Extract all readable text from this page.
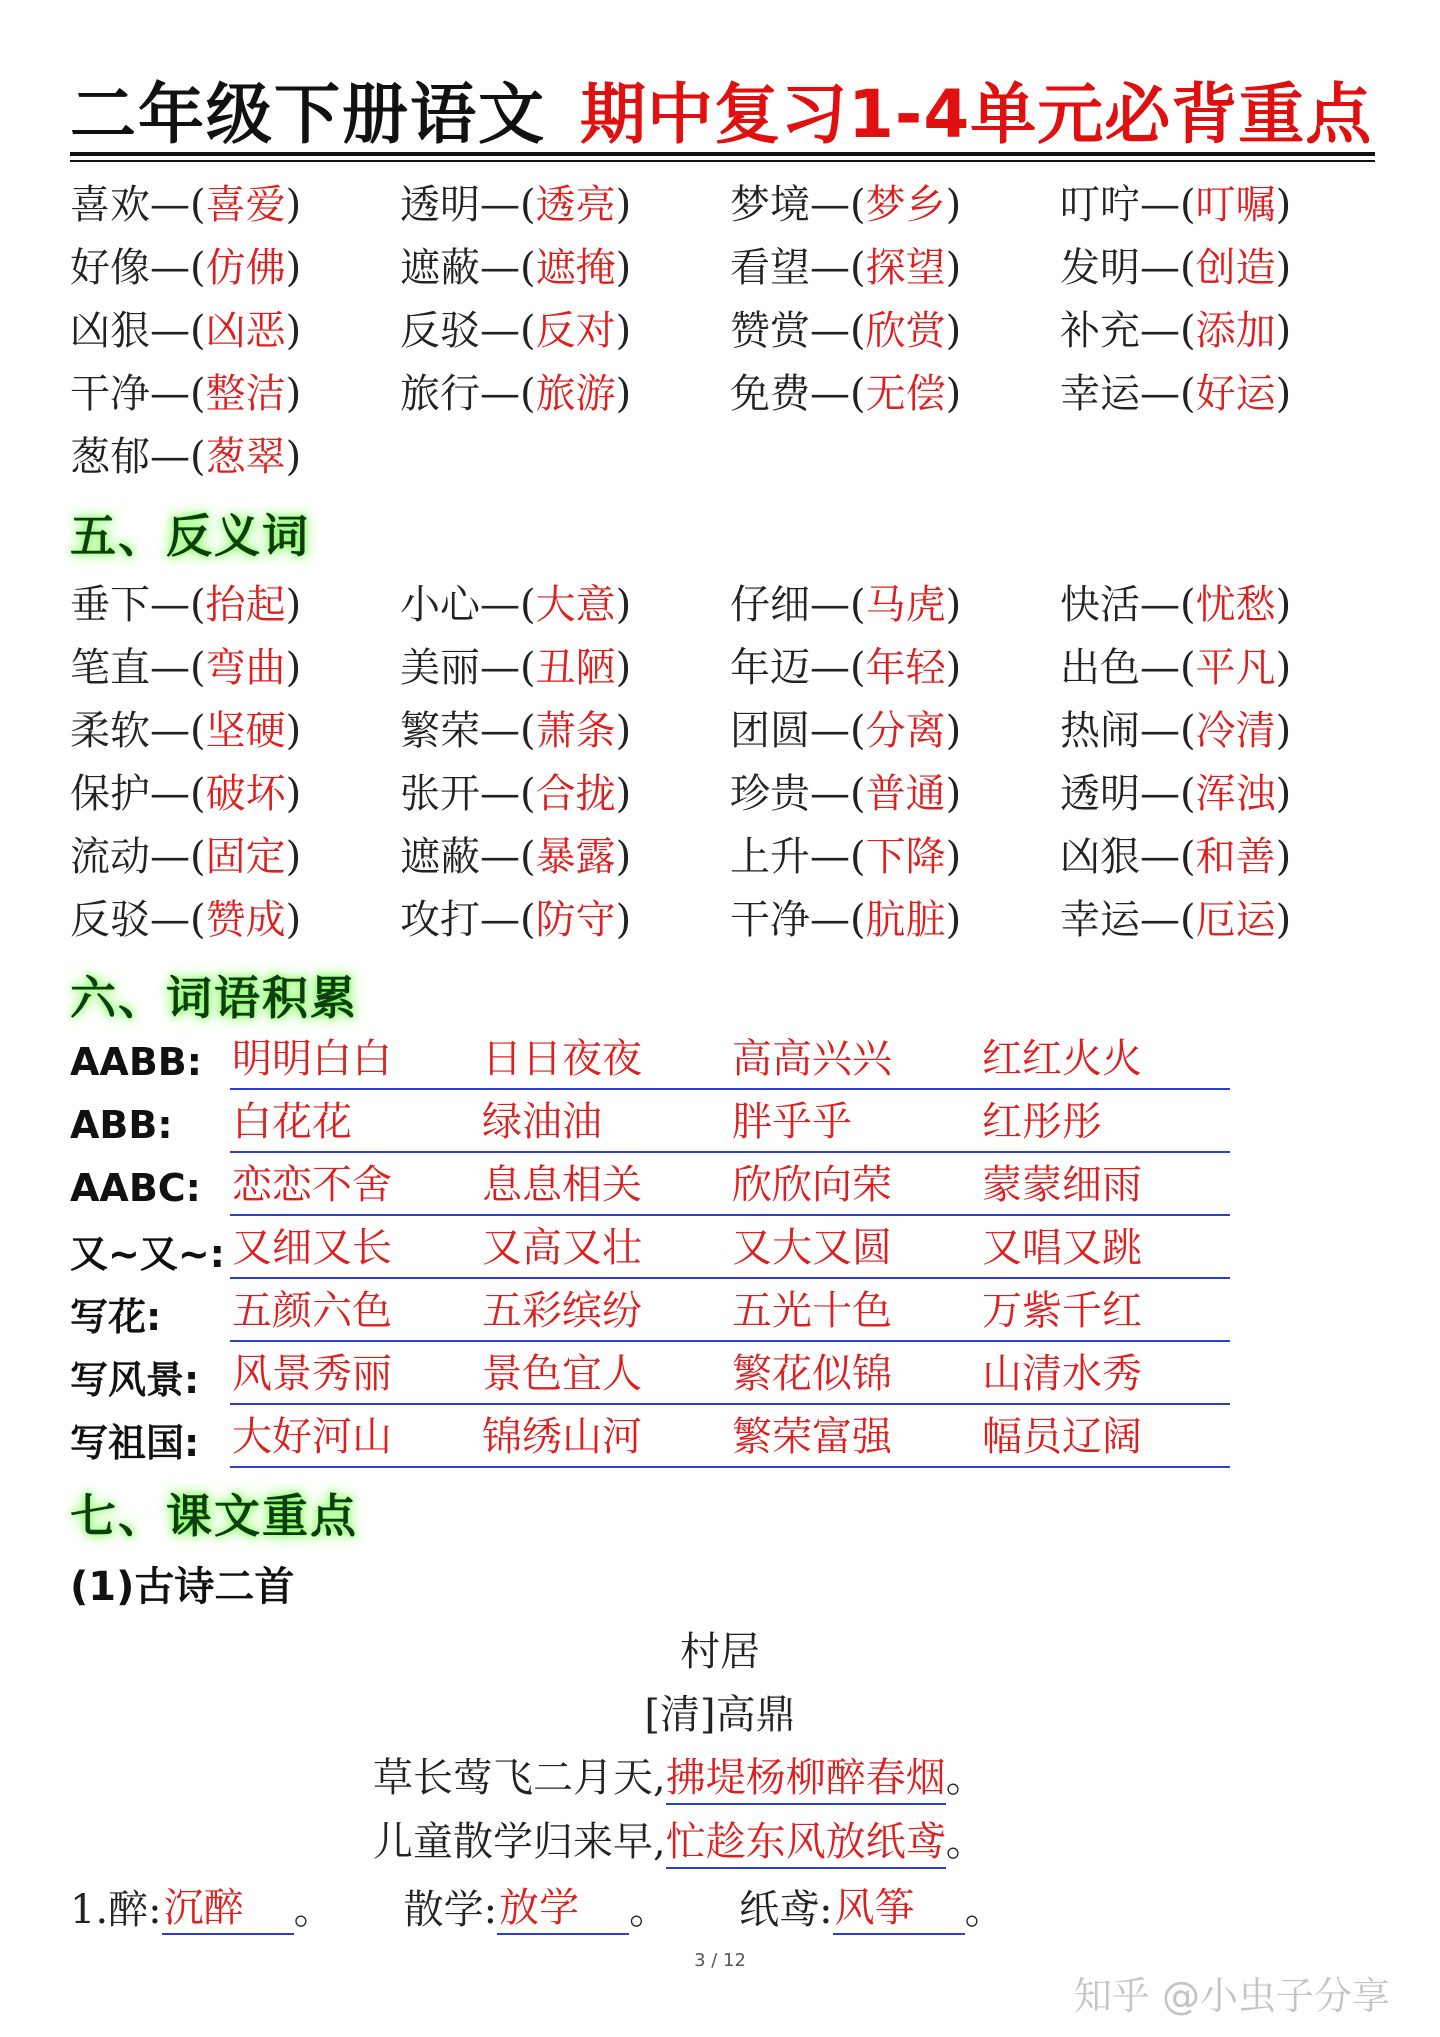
二年级下册语文 期中复习1-4单元必背重点
喜欢—(喜爱)	透明—(透亮)	梦境—(梦乡)	叮咛—(叮嘱)
好像—(仿佛)	遮蔽—(遮掩)	看望—(探望)	发明—(创造)
凶狠—(凶恶)	反驳—(反对)	赞赏—(欣赏)	补充—(添加)
干净—(整洁)	旅行—(旅游)	免费—(无偿)	幸运—(好运)
葱郁—(葱翠)
五、反义词
垂下—(抬起)	小心—(大意)	仔细—(马虎)	快活—(忧愁)
笔直—(弯曲)	美丽—(丑陋)	年迈—(年轻)	出色—(平凡)
柔软—(坚硬)	繁荣—(萧条)	团圆—(分离)	热闹—(冷清)
保护—(破坏)	张开—(合拢)	珍贵—(普通)	透明—(浑浊)
流动—(固定)	遮蔽—(暴露)	上升—(下降)	凶狠—(和善)
反驳—(赞成)	攻打—(防守)	干净—(肮脏)	幸运—(厄运)
六、词语积累
AABB: 明明白白	日日夜夜	高高兴兴	红红火火
ABB:	白花花	绿油油	胖乎乎	红彤彤
AABC: 恋恋不舍	息息相关	欣欣向荣	蒙蒙细雨
又~又~: 又细又长	又高又壮	又大又圆	又唱又跳
写花:	五颜六色	五彩缤纷	五光十色	万紫千红
写风景: 风景秀丽	景色宜人	繁花似锦	山清水秀
写祖国: 大好河山	锦绣山河	繁荣富强	幅员辽阔
七、课文重点
(1)古诗二首
村居
[清]高鼎
草长莺飞二月天,拂堤杨柳醉春烟。
儿童散学归来早,忙趁东风放纸鸢。
1.醉: 沉醉	。 散学: 放学	。 纸鸢: 风筝	。
3 / 12
知乎 @小虫子分享
